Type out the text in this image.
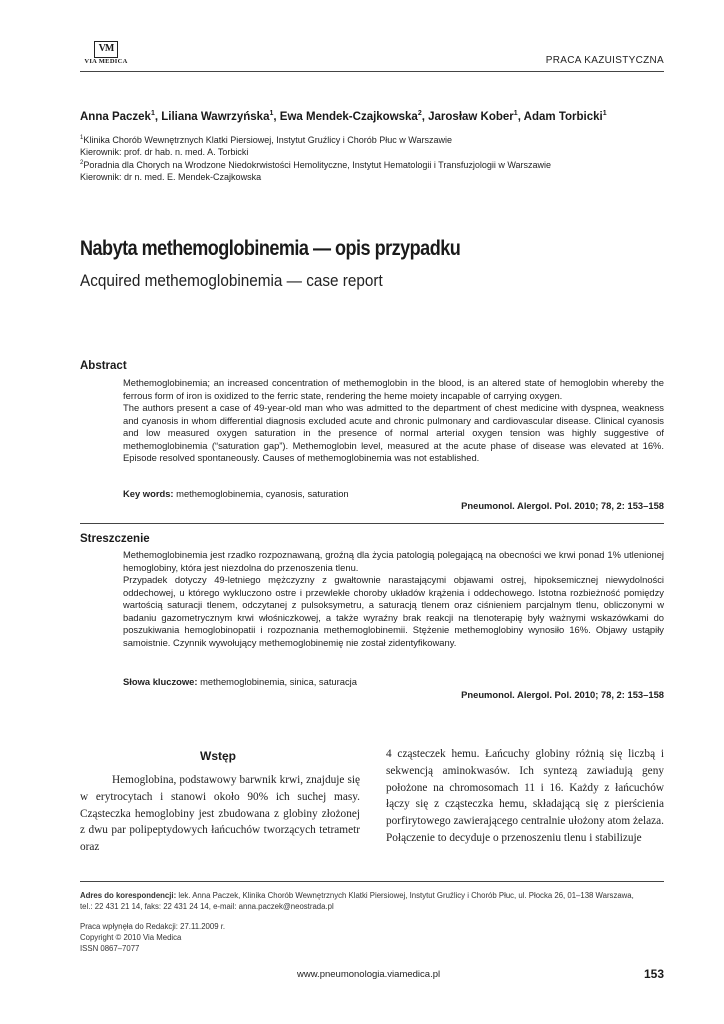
VM
VIA MEDICA	PRACA KAZUISTYCZNA
Anna Paczek$^1$, Liliana Wawrzyńska$^1$, Ewa Mendek-Czajkowska$^2$, Jarosław Kober$^1$, Adam Torbicki$^1$
$^1$Klinika Chorób Wewnętrznych Klatki Piersiowej, Instytut Gruźlicy i Chorób Płuc w Warszawie
Kierownik: prof. dr hab. n. med. A. Torbicki
$^2$Poradnia dla Chorych na Wrodzone Niedokrwistości Hemolityczne, Instytut Hematologii i Transfuzjologii w Warszawie
Kierownik: dr n. med. E. Mendek-Czajkowska
Nabyta methemoglobinemia — opis przypadku
Acquired methemoglobinemia — case report
Abstract

Methemoglobinemia; an increased concentration of methemoglobin in the blood, is an altered state of hemoglobin whereby the ferrous form of iron is oxidized to the ferric state, rendering the heme moiety incapable of carrying oxygen.

The authors present a case of 49-year-old man who was admitted to the department of chest medicine with dyspnea, weakness and cyanosis in whom differential diagnosis excluded acute and chronic pulmonary and cardiovascular disease. Clinical cyanosis and low measured oxygen saturation in the presence of normal arterial oxygen tension was highly suggestive of methemoglobinemia (“saturation gap”). Methemoglobin level, measured at the acute phase of disease was elevated at 16%. Episode resolved spontaneously. Causes of methemoglobinemia was not established.

Key words: methemoglobinemia, cyanosis, saturation
Pneumonol. Alergol. Pol. 2010; 78, 2: 153–158
Streszczenie

Methemoglobinemia jest rzadko rozpoznawaną, groźną dla życia patologią polegającą na obecności we krwi ponad 1% utlenionej hemoglobiny, która jest niezdolna do przenoszenia tlenu.

Przypadek dotyczy 49-letniego mężczyzny z gwałtownie narastającymi objawami ostrej, hipoksemicznej niewydolności oddechowej, u którego wykluczono ostre i przewlekłe choroby układów krążenia i oddechowego. Istotna rozbieżność pomiędzy wartością saturacji tlenem, odczytanej z pulsoksymetru, a saturacją tlenem oraz ciśnieniem parcjalnym tlenu, obliczonymi w badaniu gazometrycznym krwi włośniczkowej, a także wyraźny brak reakcji na tlenoterapię były ważnymi wskazówkami do poszukiwania hemoglobinopatii i rozpoznania methemoglobinemii. Stężenie methemoglobiny wynosiło 16%. Objawy ustąpiły samoistnie. Czynnik wywołujący methemoglobinemię nie został zidentyfikowany.

Słowa kluczowe: methemoglobinemia, sinica, saturacja
Pneumonol. Alergol. Pol. 2010; 78, 2: 153–158
Wstęp
Hemoglobina, podstawowy barwnik krwi, znajduje się w erytrocytach i stanowi około 90% ich suchej masy. Cząsteczka hemoglobiny jest zbudowana z globiny złożonej z dwu par polipeptydowych łańcuchów tworzących tetrametr oraz
4 cząsteczek hemu. Łańcuchy globiny różnią się liczbą i sekwencją aminokwasów. Ich syntezą zawiadują geny położone na chromosomach 11 i 16. Każdy z łańcuchów łączy się z cząsteczka hemu, składającą się z pierścienia porfirytowego zawierającego centralnie ułożony atom żelaza. Połączenie to decyduje o przenoszeniu tlenu i stabilizuje
Adres do korespondencji: lek. Anna Paczek, Klinika Chorób Wewnętrznych Klatki Piersiowej, Instytut Gruźlicy i Chorób Płuc, ul. Płocka 26, 01–138 Warszawa,
tel.: 22 431 21 14, faks: 22 431 24 14, e-mail: anna.paczek@neostrada.pl
Praca wpłynęła do Redakcji: 27.11.2009 r.
Copyright © 2010 Via Medica
ISSN 0867–7077
www.pneumonologia.viamedica.pl	153
